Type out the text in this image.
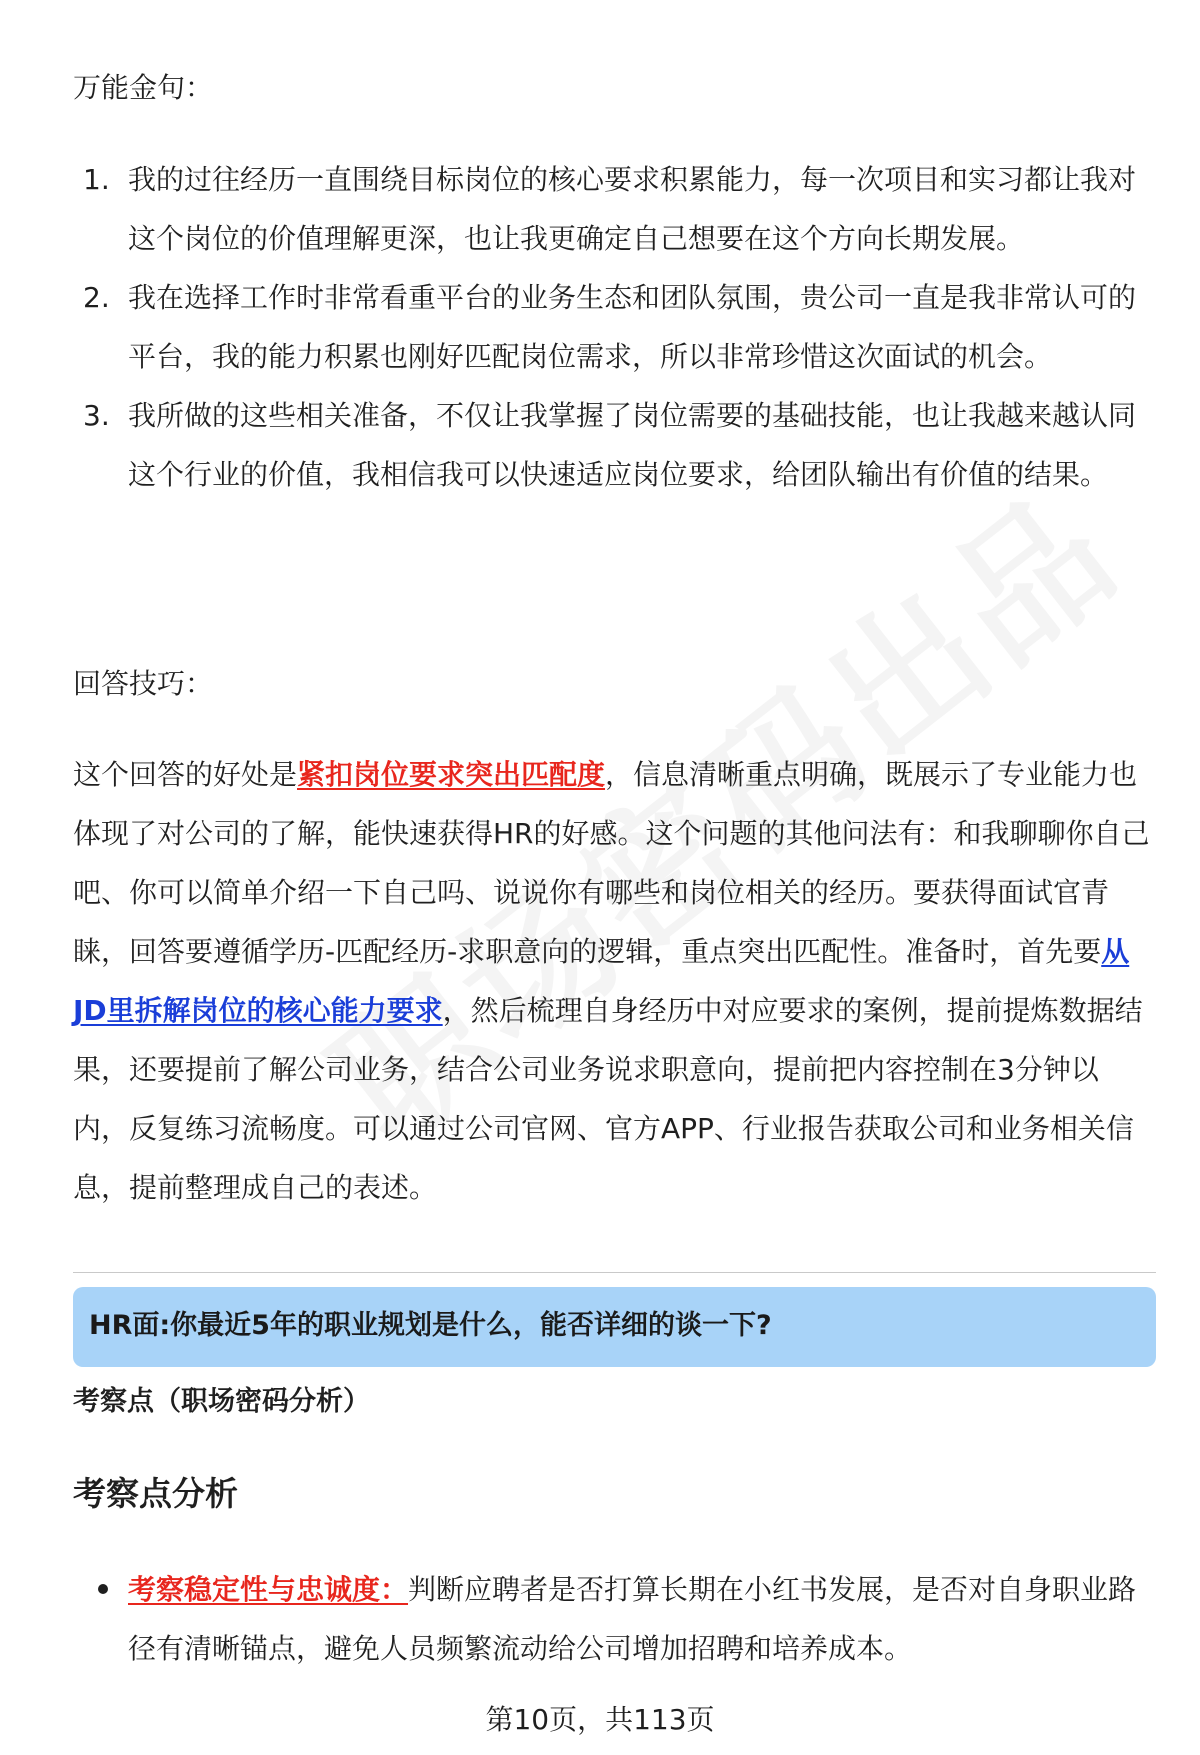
万能金句：
1. 我的过往经历一直围绕目标岗位的核心要求积累能力，每一次项目和实习都让我对这个岗位的价值理解更深，也让我更确定自己想要在这个方向长期发展。
2. 我在选择工作时非常看重平台的业务生态和团队氛围，贵公司一直是我非常认可的平台，我的能力积累也刚好匹配岗位需求，所以非常珍惜这次面试的机会。
3. 我所做的这些相关准备，不仅让我掌握了岗位需要的基础技能，也让我越来越认同这个行业的价值，我相信我可以快速适应岗位要求，给团队输出有价值的结果。
回答技巧：

这个回答的好处是紧扣岗位要求突出匹配度，信息清晰重点明确，既展示了专业能力也体现了对公司的了解，能快速获得HR的好感。这个问题的其他问法有：和我聊聊你自己吧、你可以简单介绍一下自己吗、说说你有哪些和岗位相关的经历。要获得面试官青睐，回答要遵循学历-匹配经历-求职意向的逻辑，重点突出匹配性。准备时，首先要从JD里拆解岗位的核心能力要求，然后梳理自身经历中对应要求的案例，提前提炼数据结果，还要提前了解公司业务，结合公司业务说求职意向，提前把内容控制在3分钟以内，反复练习流畅度。可以通过公司官网、官方APP、行业报告获取公司和业务相关信息，提前整理成自己的表述。

HR面:你最近5年的职业规划是什么，能否详细的谈一下?
考察点（职场密码分析）
考察点分析
考察稳定性与忠诚度：判断应聘者是否打算长期在小红书发展，是否对自身职业路径有清晰锚点，避免人员频繁流动给公司增加招聘和培养成本。
第10页，共113页
